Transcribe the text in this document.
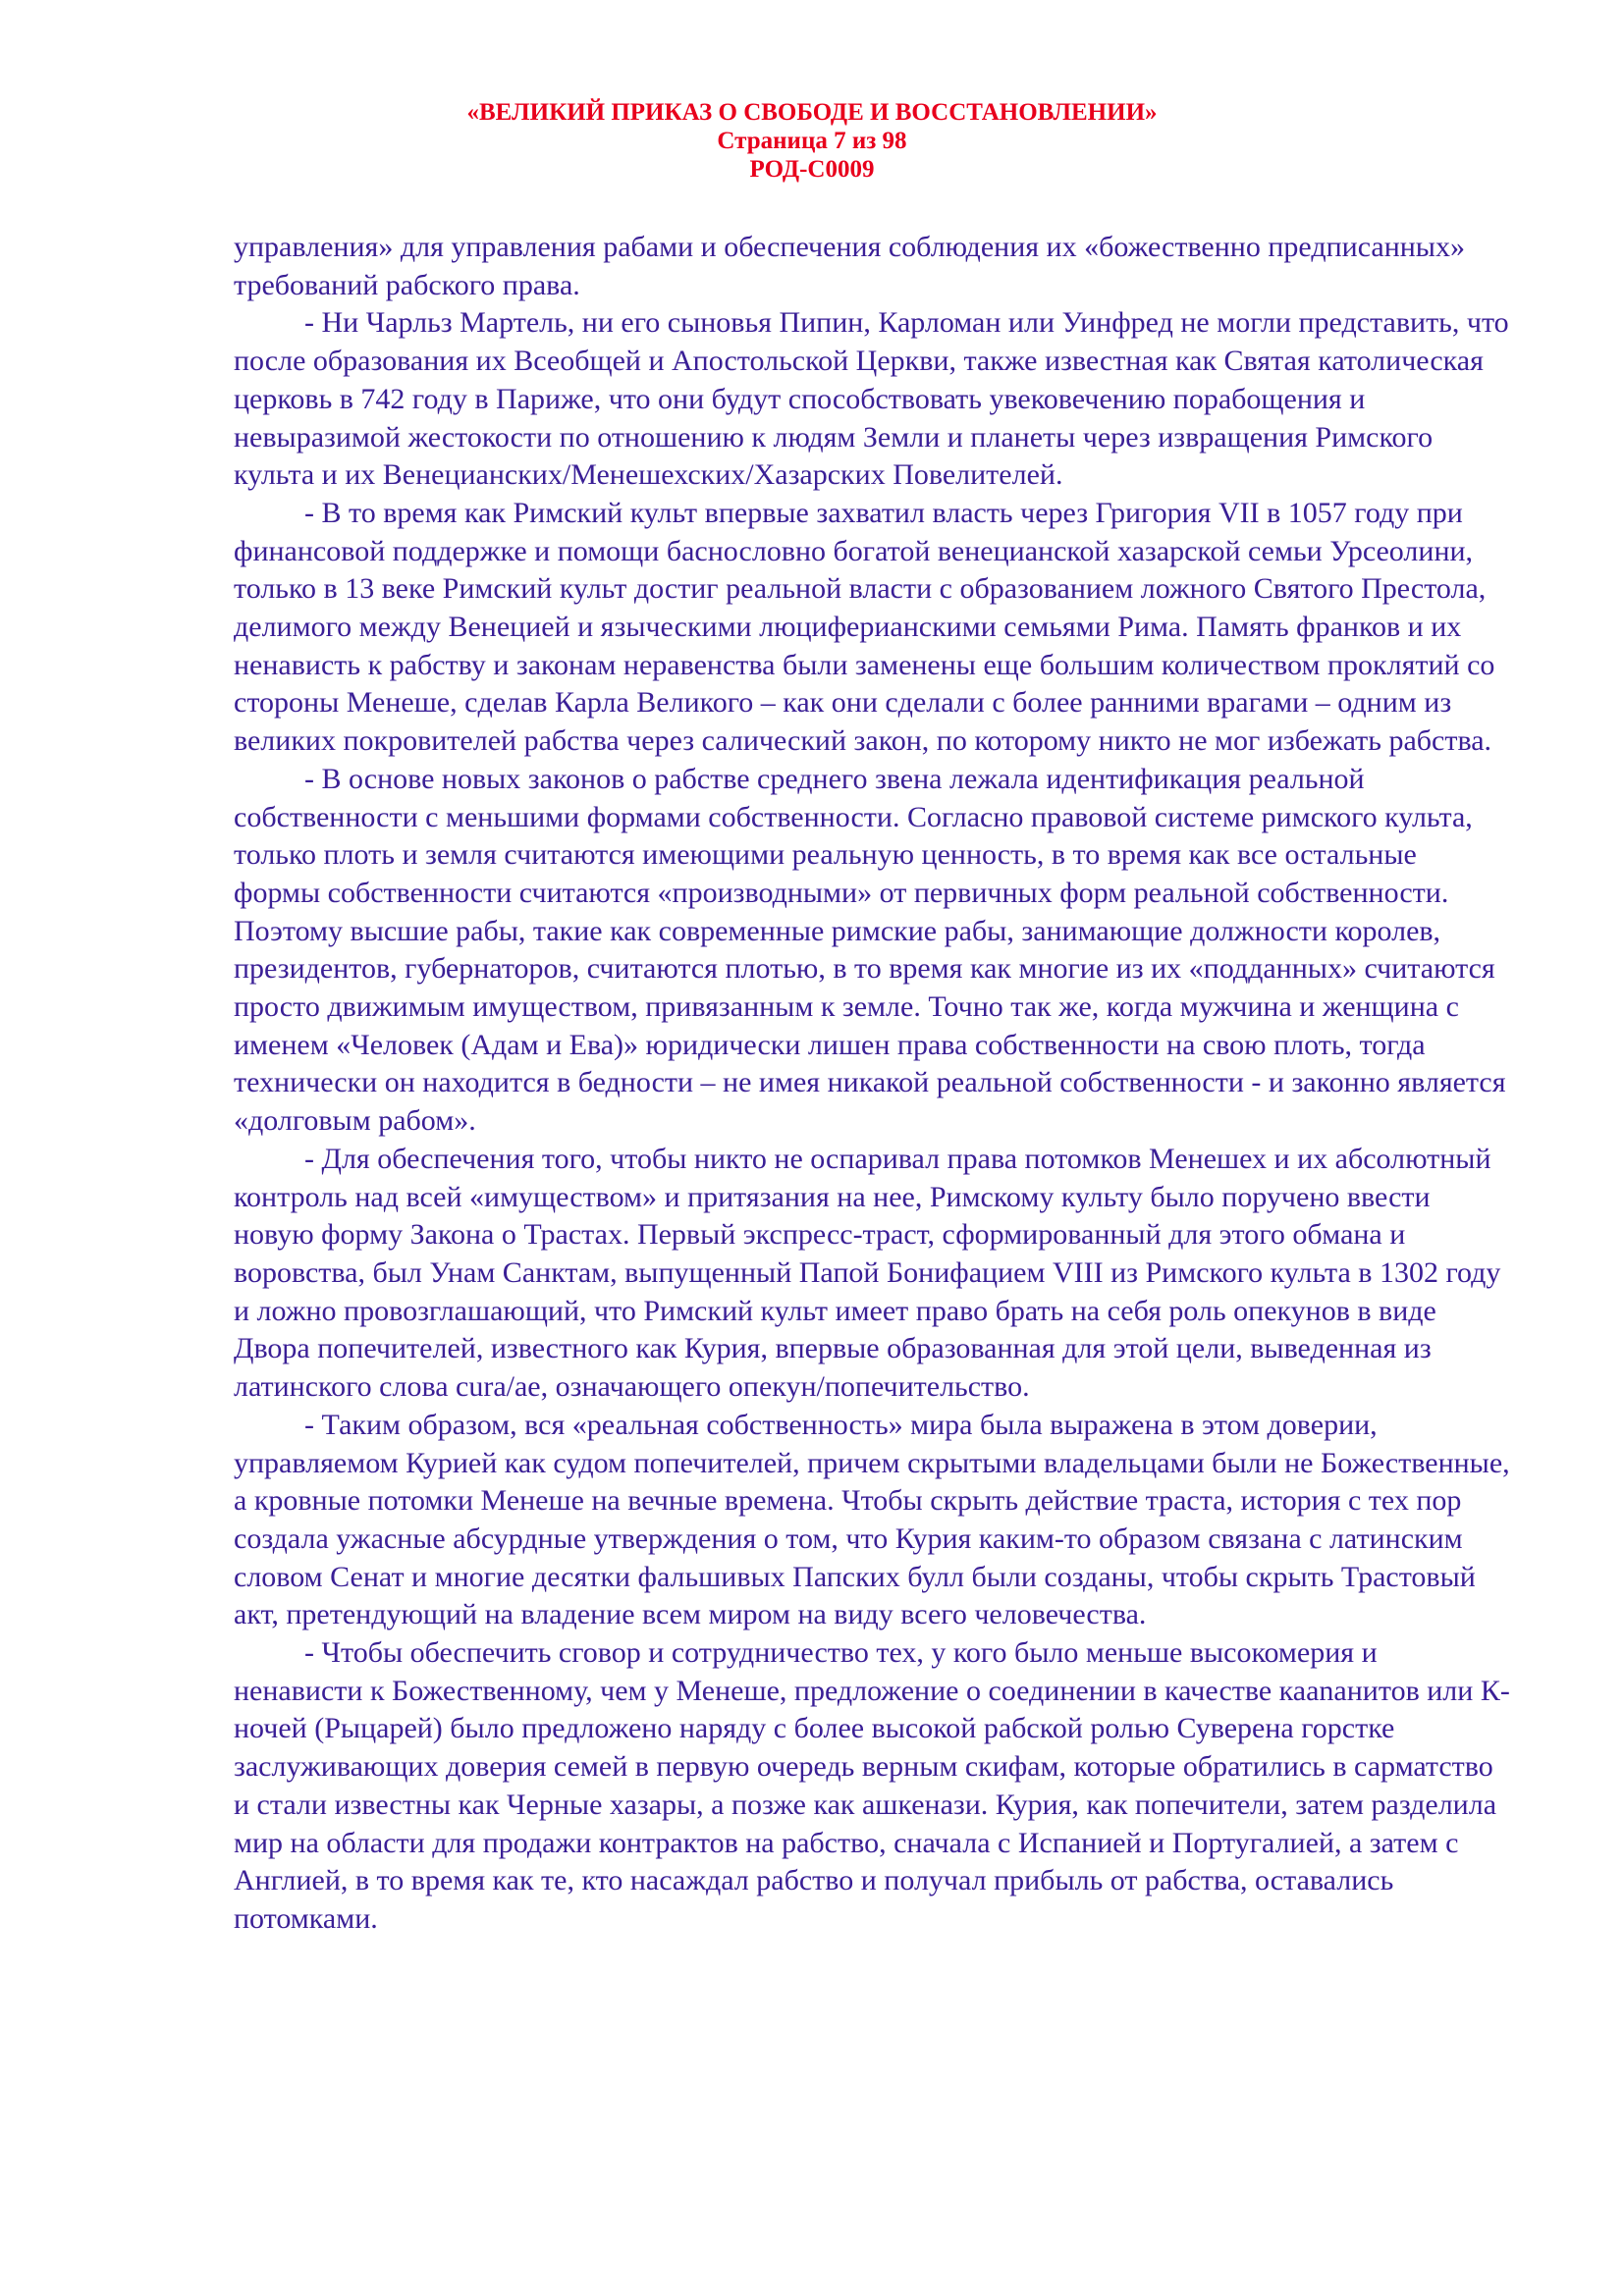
«ВЕЛИКИЙ ПРИКАЗ О СВОБОДЕ И ВОССТАНОВЛЕНИИ»
Страница 7 из 98
РОД-С0009

управления» для управления рабами и обеспечения соблюдения их «божественно предписанных» требований рабского права.

- Ни Чарльз Мартель, ни его сыновья Пипин, Карломан или Уинфред не могли представить, что после образования их Всеобщей и Апостольской Церкви, также известная как Святая католическая церковь в 742 году в Париже, что они будут способствовать увековечению порабощения и невыразимой жестокости по отношению к людям Земли и планеты через извращения Римского культа и их Венецианских/Менешехских/Хазарских Повелителей.

- В то время как Римский культ впервые захватил власть через Григория VII в 1057 году при финансовой поддержке и помощи баснословно богатой венецианской хазарской семьи Урсеолини, только в 13 веке Римский культ достиг реальной власти с образованием ложного Святого Престола, делимого между Венецией и языческими люциферианскими семьями Рима. Память франков и их ненависть к рабству и законам неравенства были заменены еще большим количеством проклятий со стороны Менеше, сделав Карла Великого – как они сделали с более ранними врагами – одним из великих покровителей рабства через салический закон, по которому никто не мог избежать рабства.

- В основе новых законов о рабстве среднего звена лежала идентификация реальной собственности с меньшими формами собственности. Согласно правовой системе римского культа, только плоть и земля считаются имеющими реальную ценность, в то время как все остальные формы собственности считаются «производными» от первичных форм реальной собственности. Поэтому высшие рабы, такие как современные римские рабы, занимающие должности королев, президентов, губернаторов, считаются плотью, в то время как многие из их «подданных» считаются просто движимым имуществом, привязанным к земле. Точно так же, когда мужчина и женщина с именем «Человек (Адам и Ева)» юридически лишен права собственности на свою плоть, тогда технически он находится в бедности – не имея никакой реальной собственности - и законно является «долговым рабом».

- Для обеспечения того, чтобы никто не оспаривал права потомков Менешех и их абсолютный контроль над всей «имуществом» и притязания на нее, Римскому культу было поручено ввести новую форму Закона о Трастах. Первый экспресс-траст, сформированный для этого обмана и воровства, был Унам Санктам, выпущенный Папой Бонифацием VIII из Римского культа в 1302 году и ложно провозглашающий, что Римский культ имеет право брать на себя роль опекунов в виде Двора попечителей, известного как Курия, впервые образованная для этой цели, выведенная из латинского слова cura/ae, означающего опекун/попечительство.

- Таким образом, вся «реальная собственность» мира была выражена в этом доверии, управляемом Курией как судом попечителей, причем скрытыми владельцами были не Божественные, а кровные потомки Менеше на вечные времена. Чтобы скрыть действие траста, история с тех пор создала ужасные абсурдные утверждения о том, что Курия каким-то образом связана с латинским словом Сенат и многие десятки фальшивых Папских булл были созданы, чтобы скрыть Трастовый акт, претендующий на владение всем миром на виду всего человечества.

- Чтобы обеспечить сговор и сотрудничество тех, у кого было меньше высокомерия и ненависти к Божественному, чем у Менеше, предложение о соединении в качестве кааnанитов или К-ночей (Рыцарей) было предложено наряду с более высокой рабской ролью Суверена горстке заслуживающих доверия семей в первую очередь верным скифам, которые обратились в сарматство и стали известны как Черные хазары, а позже как ашкенази. Курия, как попечители, затем разделила мир на области для продажи контрактов на рабство, сначала с Испанией и Португалией, а затем с Англией, в то время как те, кто насаждал рабство и получал прибыль от рабства, оставались потомками.
